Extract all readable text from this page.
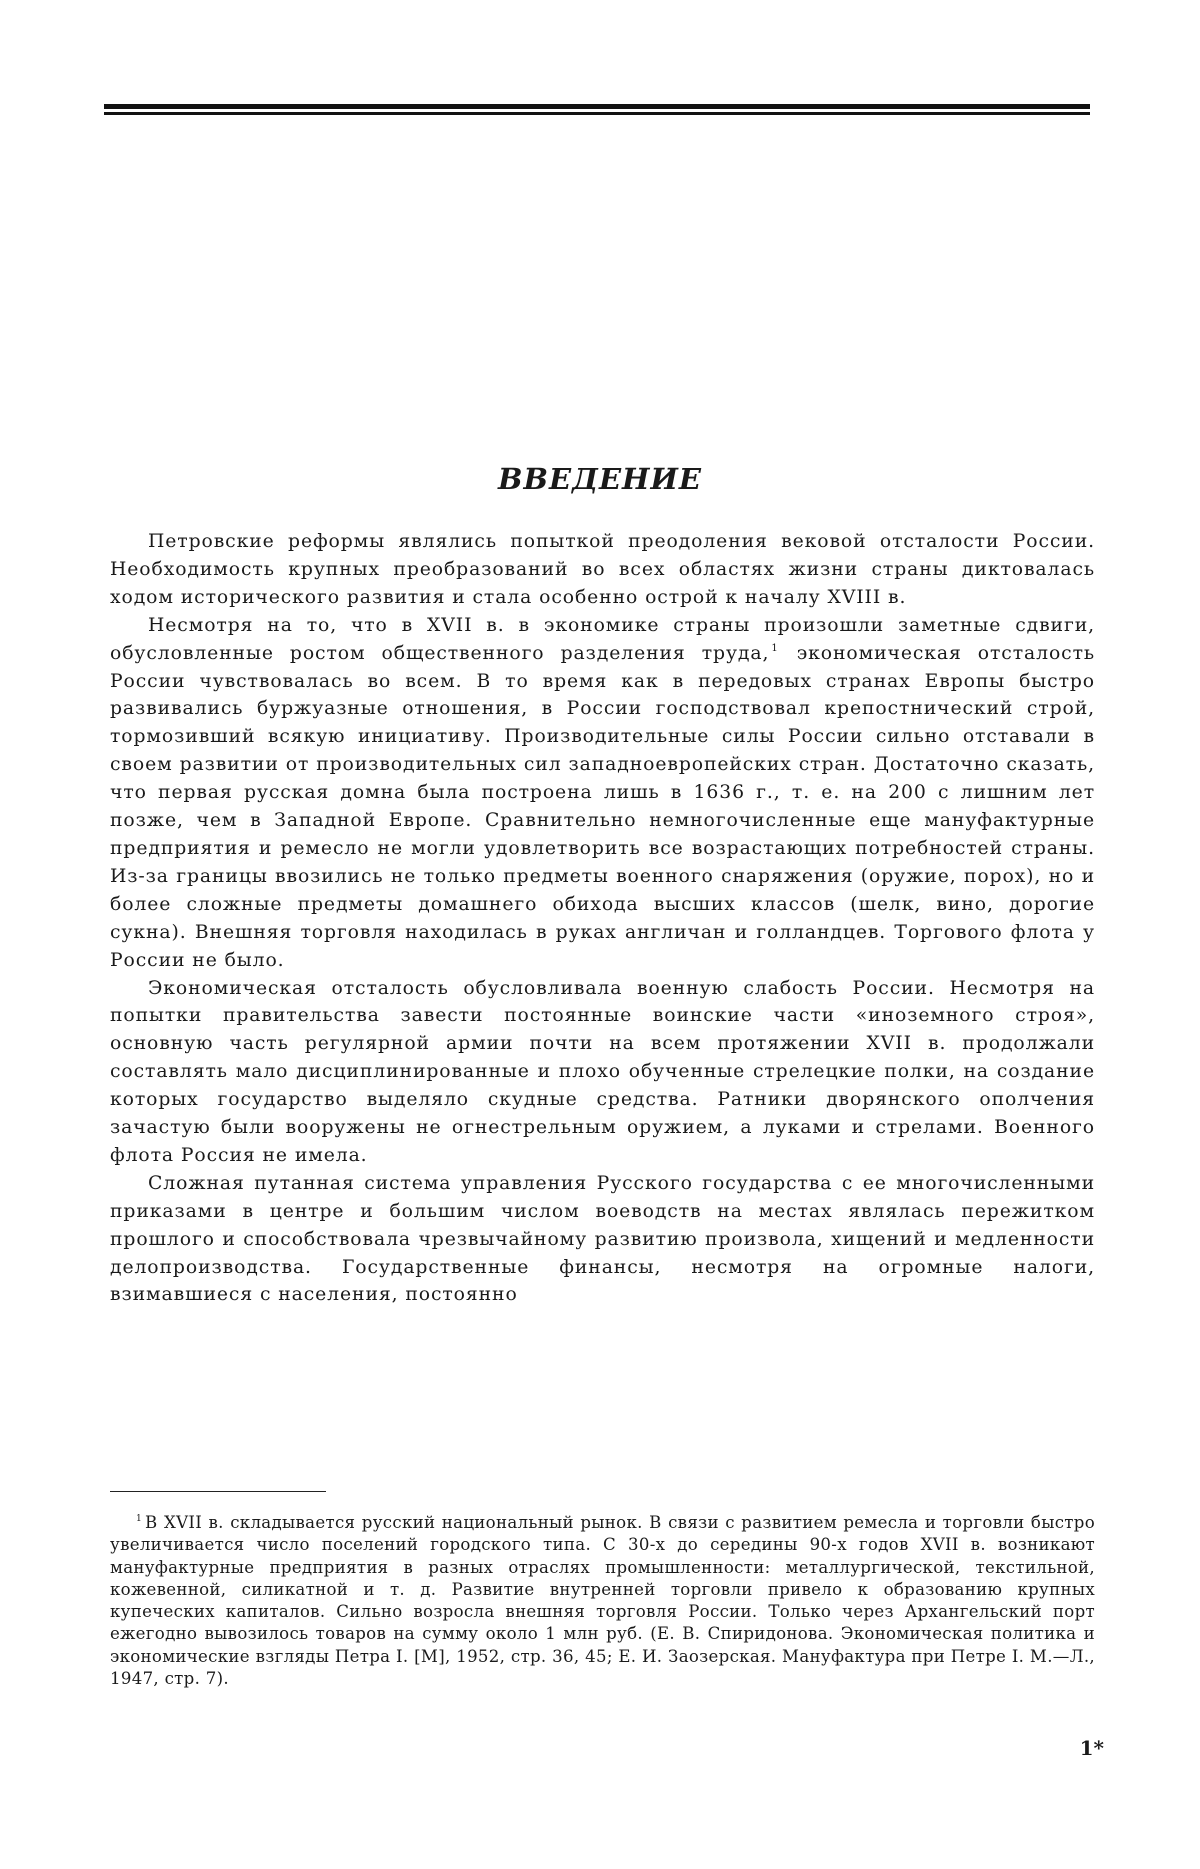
ВВЕДЕНИЕ

Петровские реформы являлись попыткой преодоления вековой отсталости России. Необходимость крупных преобразований во всех областях жизни страны диктовалась ходом исторического развития и стала особенно острой к началу XVIII в.

Несмотря на то, что в XVII в. в экономике страны произошли заметные сдвиги, обусловленные ростом общественного разделения труда, $^1$ экономическая отсталость России чувствовалась во всем. В то время как в передовых странах Европы быстро развивались буржуазные отношения, в России господствовал крепостнический строй, тормозивший всякую инициативу. Производительные силы России сильно отставали в своем развитии от производительных сил западноевропейских стран. Достаточно сказать, что первая русская домна была построена лишь в 1636 г., т. е. на 200 с лишним лет позже, чем в Западной Европе. Сравнительно немногочисленные еще мануфактурные предприятия и ремесло не могли удовлетворить все возрастающих потребностей страны. Из-за границы ввозились не только предметы военного снаряжения (оружие, порох), но и более сложные предметы домашнего обихода высших классов (шелк, вино, дорогие сукна). Внешняя торговля находилась в руках англичан и голландцев. Торгового флота у России не было.

Экономическая отсталость обусловливала военную слабость России. Несмотря на попытки правительства завести постоянные воинские части «иноземного строя», основную часть регулярной армии почти на всем протяжении XVII в. продолжали составлять мало дисциплинированные и плохо обученные стрелецкие полки, на создание которых государство выделяло скудные средства. Ратники дворянского ополчения зачастую были вооружены не огнестрельным оружием, а луками и стрелами. Военного флота Россия не имела.

Сложная путанная система управления Русского государства с ее многочисленными приказами в центре и большим числом воеводств на местах являлась пережитком прошлого и способствовала чрезвычайному развитию произвола, хищений и медленности делопроизводства. Государственные финансы, несмотря на огромные налоги, взимавшиеся с населения, постоянно

$^1$ В XVII в. складывается русский национальный рынок. В связи с развитием ремесла и торговли быстро увеличивается число поселений городского типа. С 30-х до середины 90-х годов XVII в. возникают мануфактурные предприятия в разных отраслях промышленности: металлургической, текстильной, кожевенной, силикатной и т. д. Развитие внутренней торговли привело к образованию крупных купеческих капиталов. Сильно возросла внешняя торговля России. Только через Архангельский порт ежегодно вывозилось товаров на сумму около 1 млн руб. (Е. В. Спиридонова. Экономическая политика и экономические взгляды Петра I. [М], 1952, стр. 36, 45; Е. И. Заозерская. Мануфактура при Петре I. М.—Л., 1947, стр. 7).

1*
